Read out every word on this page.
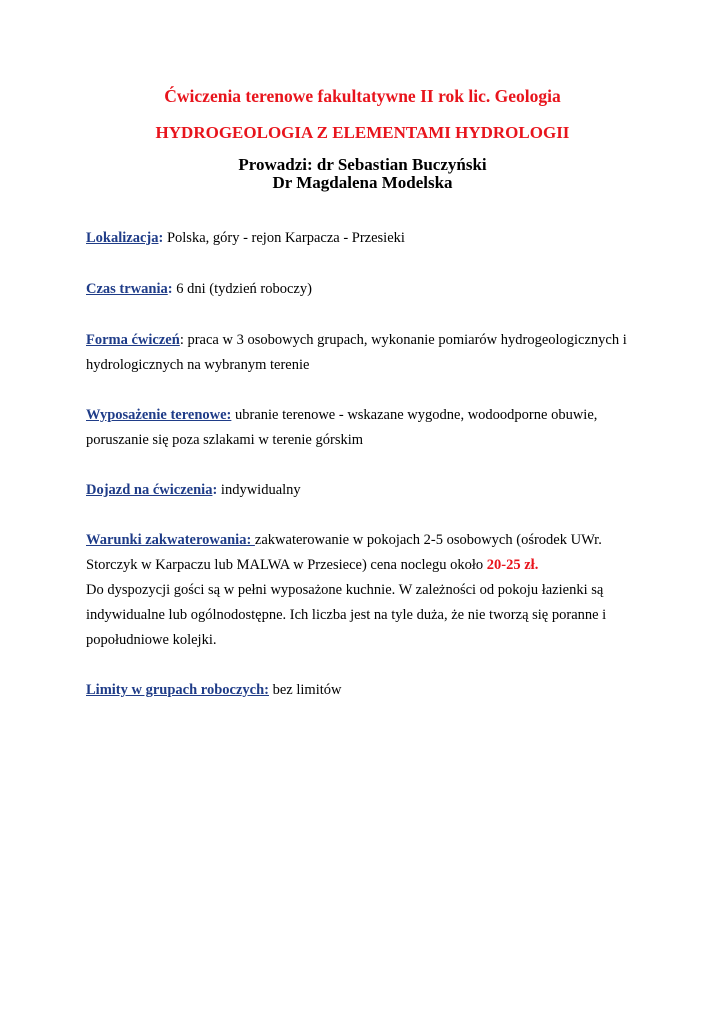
Ćwiczenia terenowe fakultatywne II rok lic. Geologia
HYDROGEOLOGIA Z ELEMENTAMI HYDROLOGII
Prowadzi: dr Sebastian Buczyński
Dr Magdalena Modelska
Lokalizacja: Polska, góry - rejon Karpacza - Przesieki
Czas trwania: 6 dni (tydzień roboczy)
Forma ćwiczeń: praca w 3 osobowych grupach, wykonanie pomiarów hydrogeologicznych i
hydrologicznych na wybranym terenie
Wyposażenie terenowe: ubranie terenowe - wskazane wygodne, wodoodporne obuwie,
poruszanie się poza szlakami w terenie górskim
Dojazd na ćwiczenia: indywidualny
Warunki zakwaterowania: zakwaterowanie w pokojach 2-5 osobowych (ośrodek UWr.
Storczyk w Karpaczu lub MALWA w Przesiece) cena noclegu około 20-25 zł.
Do dyspozycji gości są w pełni wyposażone kuchnie. W zależności od pokoju łazienki są
indywidualne lub ogólnodostępne. Ich liczba jest na tyle duża, że nie tworzą się poranne i
popołudniowe kolejki.
Limity w grupach roboczych: bez limitów
